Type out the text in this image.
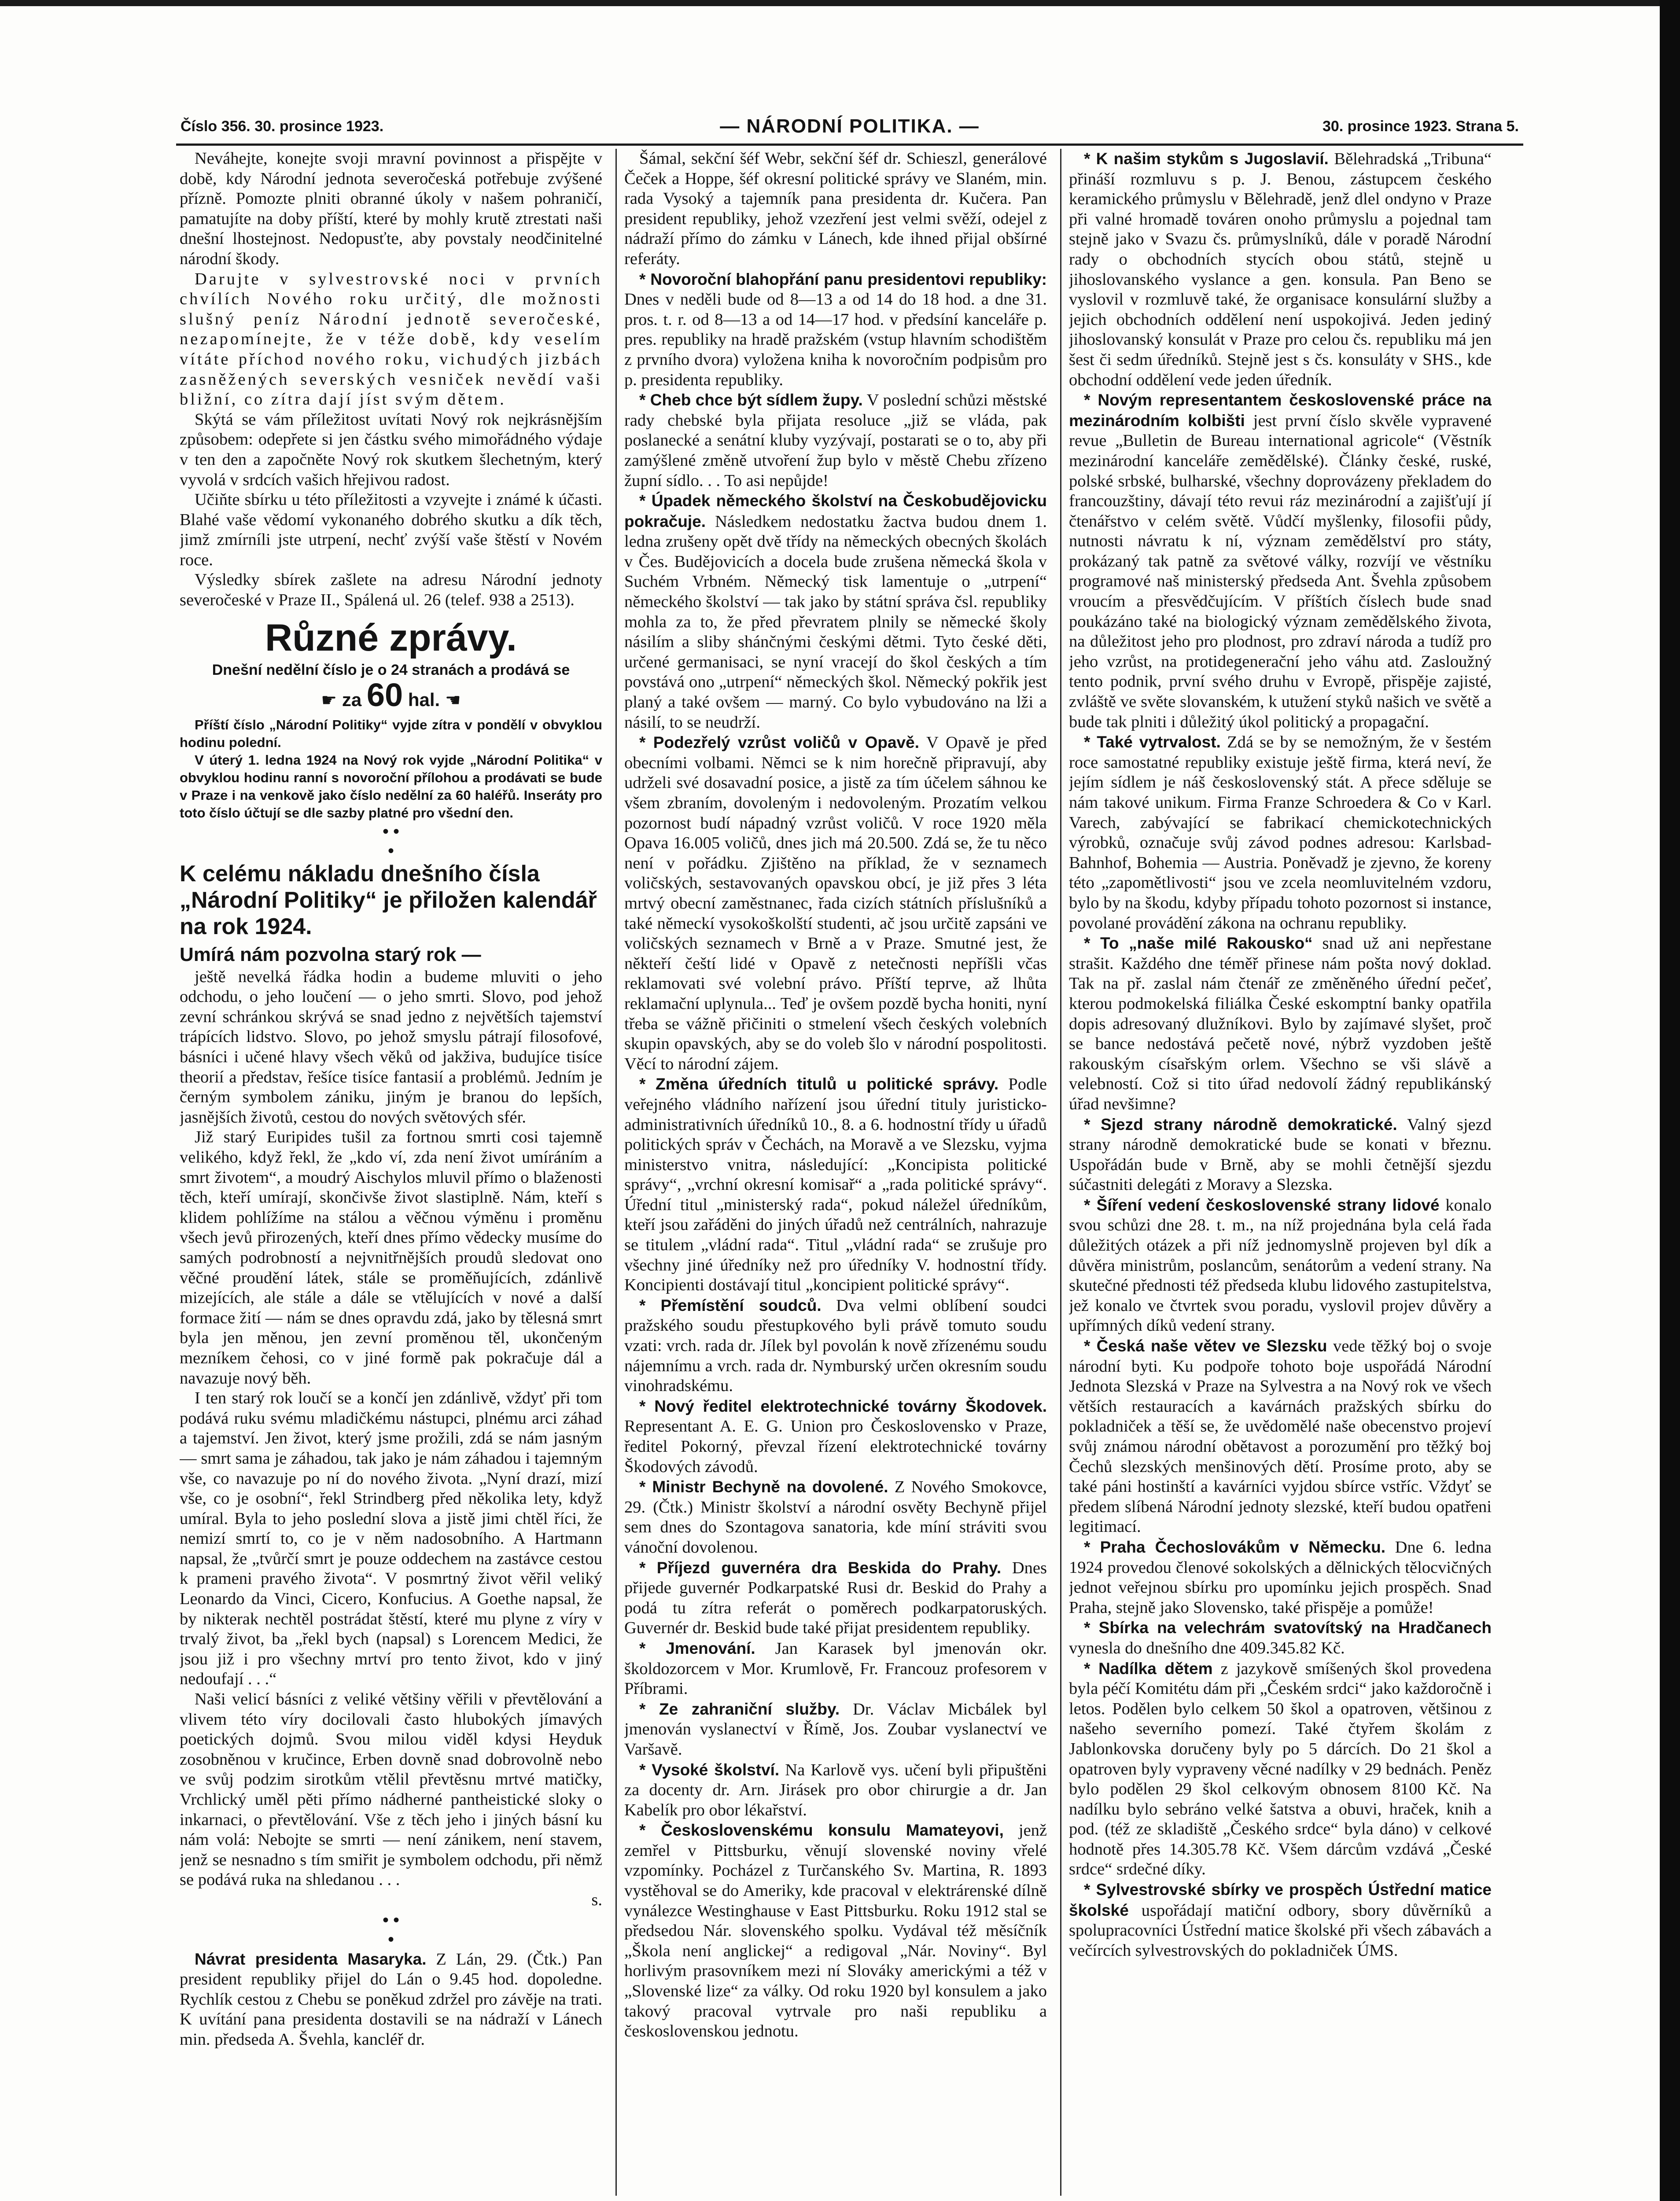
Číslo 356. 30. prosince 1923.	— NÁRODNÍ POLITIKA. —	30. prosince 1923. Strana 5.

Neváhejte, konejte svoji mravní povinnost a přispějte v době, kdy Národní jednota severočeská potřebuje zvýšené přízně. Pomozte plniti obranné úkoly v našem pohraničí, pamatujíte na doby příští, které by mohly krutě ztrestati naši dnešní lhostejnost. Nedopusťte, aby povstaly neodčinitelné národní škody.

Darujte v sylvestrovské noci v prvních chvílích Nového roku určitý, dle možnosti slušný peníz Národní jednotě severočeské, nezapomínejte, že v téže době, kdy veselím vítáte příchod nového roku, vichudých jizbách zasněžených severských vesniček nevědí vaši bližní, co zítra dají jíst svým dětem.

Skýtá se vám příležitost uvítati Nový rok nejkrásnějším způsobem: odepřete si jen částku svého mimořádného výdaje v ten den a započněte Nový rok skutkem šlechetným, který vyvolá v srdcích vašich hřejivou radost.

Učiňte sbírku u této příležitosti a vzyvejte i známé k účasti. Blahé vaše vědomí vykonaného dobrého skutku a dík těch, jimž zmírníli jste utrpení, nechť zvýší vaše štěstí v Novém roce.

Výsledky sbírek zašlete na adresu Národní jednoty severočeské v Praze II., Spálená ul. 26 (telef. 938 a 2513).

Různé zprávy.

Dnešní nedělní číslo je o 24 stranách a prodává se

☛ za 60 hal. ☚

Příští číslo „Národní Politiky“ vyjde zítra v pondělí v obvyklou hodinu polední.

V úterý 1. ledna 1924 na Nový rok vyjde „Národní Politika“ v obvyklou hodinu ranní s novoroční přílohou a prodávati se bude v Praze i na venkově jako číslo nedělní za 60 haléřů. Inseráty pro toto číslo účtují se dle sazby platné pro všední den.

• •
•

K celému nákladu dnešního čísla „Národní Politiky“ je přiložen kalendář na rok 1924.

Umírá nám pozvolna starý rok —

ještě nevelká řádka hodin a budeme mluviti o jeho odchodu, o jeho loučení — o jeho smrti. Slovo, pod jehož zevní schránkou skrývá se snad jedno z největších tajemství trápících lidstvo. Slovo, po jehož smyslu pátrají filosofové, básníci i učené hlavy všech věků od jakživa, budujíce tisíce theorií a představ, řešíce tisíce fantasií a problémů. Jedním je černým symbolem zániku, jiným je branou do lepších, jasnějších životů, cestou do nových světových sfér.

Již starý Euripides tušil za fortnou smrti cosi tajemně velikého, když řekl, že „kdo ví, zda není život umíráním a smrt životem“, a moudrý Aischylos mluvil přímo o blaženosti těch, kteří umírají, skončivše život slastiplně. Nám, kteří s klidem pohlížíme na stálou a věčnou výměnu i proměnu všech jevů přirozených, kteří dnes přímo vědecky musíme do samých podrobností a nejvnitřnějších proudů sledovat ono věčné proudění látek, stále se proměňujících, zdánlivě mizejících, ale stále a dále se vtělujících v nové a další formace žití — nám se dnes opravdu zdá, jako by tělesná smrt byla jen měnou, jen zevní proměnou těl, ukončeným mezníkem čehosi, co v jiné formě pak pokračuje dál a navazuje nový běh.

I ten starý rok loučí se a končí jen zdánlivě, vždyť při tom podává ruku svému mladičkému nástupci, plnému arci záhad a tajemství. Jen život, který jsme prožili, zdá se nám jasným — smrt sama je záhadou, tak jako je nám záhadou i tajemným vše, co navazuje po ní do nového života. „Nyní drazí, mizí vše, co je osobní“, řekl Strindberg před několika lety, když umíral. Byla to jeho poslední slova a jistě jimi chtěl říci, že nemizí smrtí to, co je v něm nadosobního. A Hartmann napsal, že „tvůrčí smrt je pouze oddechem na zastávce cestou k prameni pravého života“. V posmrtný život věřil veliký Leonardo da Vinci, Cicero, Konfucius. A Goethe napsal, že by nikterak nechtěl postrádat štěstí, které mu plyne z víry v trvalý život, ba „řekl bych (napsal) s Lorencem Medici, že jsou již i pro všechny mrtví pro tento život, kdo v jiný nedoufají . . .“

Naši velicí básníci z veliké většiny věřili v převtělování a vlivem této víry docilovali často hlubokých jímavých poetických dojmů. Svou milou viděl kdysi Heyduk zosobněnou v kručince, Erben dovně snad dobrovolně nebo ve svůj podzim sirotkům vtělil převtěsnu mrtvé matičky, Vrchlický uměl pěti přímo nádherné pantheistické sloky o inkarnaci, o převtělování. Vše z těch jeho i jiných básní ku nám volá: Nebojte se smrti — není zánikem, není stavem, jenž se nesnadno s tím smiřit je symbolem odchodu, při němž se podává ruka na shledanou . . .

s.

• •
•

Návrat presidenta Masaryka. Z Lán, 29. (Čtk.) Pan president republiky přijel do Lán o 9.45 hod. dopoledne. Rychlík cestou z Chebu se poněkud zdržel pro závěje na trati. K uvítání pana presidenta dostavili se na nádraží v Lánech min. předseda A. Švehla, kancléř dr.

Šámal, sekční šéf Webr, sekční šéf dr. Schieszl, generálové Čeček a Hoppe, šéf okresní politické správy ve Slaném, min. rada Vysoký a tajemník pana presidenta dr. Kučera. Pan president republiky, jehož vzezření jest velmi svěží, odejel z nádraží přímo do zámku v Lánech, kde ihned přijal obšírné referáty.

* Novoroční blahopřání panu presidentovi republiky: Dnes v neděli bude od 8—13 a od 14 do 18 hod. a dne 31. pros. t. r. od 8—13 a od 14—17 hod. v předsíní kanceláře p. pres. republiky na hradě pražském (vstup hlavním schodištěm z prvního dvora) vyložena kniha k novoročním podpisům pro p. presidenta republiky.

* Cheb chce být sídlem župy. V poslední schůzi městské rady chebské byla přijata resoluce „již se vláda, pak poslanecké a senátní kluby vyzývají, postarati se o to, aby při zamýšlené změně utvoření žup bylo v městě Chebu zřízeno župní sídlo. . . To asi nepůjde!

* Úpadek německého školství na Českobudějovicku pokračuje. Následkem nedostatku žactva budou dnem 1. ledna zrušeny opět dvě třídy na německých obecných školách v Čes. Budějovicích a docela bude zrušena německá škola v Suchém Vrbném. Německý tisk lamentuje o „utrpení“ německého školství — tak jako by státní správa čsl. republiky mohla za to, že před převratem plnily se německé školy násilím a sliby shánčnými českými dětmi. Tyto české děti, určené germanisaci, se nyní vracejí do škol českých a tím povstává ono „utrpení“ německých škol. Německý pokřik jest planý a také ovšem — marný. Co bylo vybudováno na lži a násilí, to se neudrží.

* Podezřelý vzrůst voličů v Opavě. V Opavě je před obecními volbami. Němci se k nim horečně připravují, aby udrželi své dosavadní posice, a jistě za tím účelem sáhnou ke všem zbraním, dovoleným i nedovoleným. Prozatím velkou pozornost budí nápadný vzrůst voličů. V roce 1920 měla Opava 16.005 voličů, dnes jich má 20.500. Zdá se, že tu něco není v pořádku. Zjištěno na příklad, že v seznamech voličských, sestavovaných opavskou obcí, je již přes 3 léta mrtvý obecní zaměstnanec, řada cizích státních příslušníků a také německí vysokoškolští studenti, ač jsou určitě zapsáni ve voličských seznamech v Brně a v Praze. Smutné jest, že někteří čeští lidé v Opavě z netečnosti nepříšli včas reklamovati své volební právo. Příští teprve, až lhůta reklamační uplynula... Teď je ovšem pozdě bycha honiti, nyní třeba se vážně přičiniti o stmelení všech českých volebních skupin opavských, aby se do voleb šlo v národní pospolitosti. Věcí to národní zájem.

* Změna úředních titulů u politické správy. Podle veřejného vládního nařízení jsou úřední tituly juristicko-administrativních úředníků 10., 8. a 6. hodnostní třídy u úřadů politických správ v Čechách, na Moravě a ve Slezsku, vyjma ministerstvo vnitra, následující: „Koncipista politické správy“, „vrchní okresní komisař“ a „rada politické správy“. Úřední titul „ministerský rada“, pokud náležel úředníkům, kteří jsou zařáděni do jiných úřadů než centrálních, nahrazuje se titulem „vládní rada“. Titul „vládní rada“ se zrušuje pro všechny jiné úředníky než pro úředníky V. hodnostní třídy. Koncipienti dostávají titul „koncipient politické správy“.

* Přemístění soudců. Dva velmi oblíbení soudci pražského soudu přestupkového byli právě tomuto soudu vzati: vrch. rada dr. Jílek byl povolán k nově zřízenému soudu nájemnímu a vrch. rada dr. Nymburský určen okresním soudu vinohradskému.

* Nový ředitel elektrotechnické továrny Škodovek. Representant A. E. G. Union pro Československo v Praze, ředitel Pokorný, převzal řízení elektrotechnické továrny Škodových závodů.

* Ministr Bechyně na dovolené. Z Nového Smokovce, 29. (Čtk.) Ministr školství a národní osvěty Bechyně přijel sem dnes do Szontagova sanatoria, kde míní stráviti svou vánoční dovolenou.

* Příjezd guvernéra dra Beskida do Prahy. Dnes přijede guvernér Podkarpatské Rusi dr. Beskid do Prahy a podá tu zítra referát o poměrech podkarpatoruských. Guvernér dr. Beskid bude také přijat presidentem republiky.

* Jmenování. Jan Karasek byl jmenován okr. školdozorcem v Mor. Krumlově, Fr. Francouz profesorem v Příbrami.

* Ze zahraniční služby. Dr. Václav Micbálek byl jmenován vyslanectví v Římě, Jos. Zoubar vyslanectví ve Varšavě.

* Vysoké školství. Na Karlově vys. učení byli připuštěni za docenty dr. Arn. Jirásek pro obor chirurgie a dr. Jan Kabelík pro obor lékařství.

* Československému konsulu Mamateyovi, jenž zemřel v Pittsburku, věnují slovenské noviny vřelé vzpomínky. Pocházel z Turčanského Sv. Martina, R. 1893 vystěhoval se do Ameriky, kde pracoval v elektrárenské dílně vynálezce Westinghause v East Pittsburku. Roku 1912 stal se předsedou Nár. slovenského spolku. Vydával též měsíčník „Škola není anglickej“ a redigoval „Nár. Noviny“. Byl horlivým prasovníkem mezi ní Slováky americkými a též v „Slovenské lize“ za války. Od roku 1920 byl konsulem a jako takový pracoval vytrvale pro naši republiku a československou jednotu.

* K našim stykům s Jugoslavií. Bělehradská „Tribuna“ přináší rozmluvu s p. J. Benou, zástupcem českého keramického průmyslu v Bělehradě, jenž dlel ondyno v Praze při valné hromadě továren onoho průmyslu a pojednal tam stejně jako v Svazu čs. průmyslníků, dále v poradě Národní rady o obchodních stycích obou států, stejně u jihoslovanského vyslance a gen. konsula. Pan Beno se vyslovil v rozmluvě také, že organisace konsulární služby a jejich obchodních oddělení není uspokojivá. Jeden jediný jihoslovanský konsulát v Praze pro celou čs. republiku má jen šest či sedm úředníků. Stejně jest s čs. konsuláty v SHS., kde obchodní oddělení vede jeden úředník.

* Novým representantem československé práce na mezinárodním kolbišti jest první číslo skvěle vypravené revue „Bulletin de Bureau international agricole“ (Věstník mezinárodní kanceláře zemědělské). Články české, ruské, polské srbské, bulharské, všechny doprovázeny překladem do francouzštiny, dávají této revui ráz mezinárodní a zajišťují jí čtenářstvo v celém světě. Vůdčí myšlenky, filosofii půdy, nutnosti návratu k ní, význam zemědělství pro státy, prokázaný tak patně za světové války, rozvíjí ve věstníku programové naš ministerský předseda Ant. Švehla způsobem vroucím a přesvědčujícím. V příštích číslech bude snad poukázáno také na biologický význam zemědělského života, na důležitost jeho pro plodnost, pro zdraví národa a tudíž pro jeho vzrůst, na protidegenerační jeho váhu atd. Zasloužný tento podnik, první svého druhu v Evropě, přispěje zajisté, zvláště ve světe slovanském, k utužení styků našich ve světě a bude tak plniti i důležitý úkol politický a propagační.

* Také vytrvalost. Zdá se by se nemožným, že v šestém roce samostatné republiky existuje ještě firma, která neví, že jejím sídlem je náš československý stát. A přece sděluje se nám takové unikum. Firma Franze Schroedera & Co v Karl. Varech, zabývající se fabrikací chemickotechnických výrobků, označuje svůj závod podnes adresou: Karlsbad-Bahnhof, Bohemia — Austria. Poněvadž je zjevno, že koreny této „zapomětlivosti“ jsou ve zcela neomluvitelném vzdoru, bylo by na škodu, kdyby případu tohoto pozornost si instance, povolané provádění zákona na ochranu republiky.

* To „naše milé Rakousko“ snad už ani nepřestane strašit. Každého dne téměř přinese nám pošta nový doklad. Tak na př. zaslal nám čtenář ze změněného úřední pečeť, kterou podmokelská filiálka České eskomptní banky opatřila dopis adresovaný dlužníkovi. Bylo by zajímavé slyšet, proč se bance nedostává pečetě nové, nýbrž vyzdoben ještě rakouským císařským orlem. Všechno se vši slávě a velebností. Což si tito úřad nedovolí žádný republikánský úřad nevšimne?

* Sjezd strany národně demokratické. Valný sjezd strany národně demokratické bude se konati v březnu. Uspořádán bude v Brně, aby se mohli četnější sjezdu súčastniti delegáti z Moravy a Slezska.

* Šíření vedení československé strany lidové konalo svou schůzi dne 28. t. m., na níž projednána byla celá řada důležitých otázek a při níž jednomyslně projeven byl dík a důvěra ministrům, poslancům, senátorům a vedení strany. Na skutečné přednosti též předseda klubu lidového zastupitelstva, jež konalo ve čtvrtek svou poradu, vyslovil projev důvěry a upřímných díků vedení strany.

* Česká naše větev ve Slezsku vede těžký boj o svoje národní byti. Ku podpoře tohoto boje uspořádá Národní Jednota Slezská v Praze na Sylvestra a na Nový rok ve všech větších restauracích a kavárnách pražských sbírku do pokladniček a těší se, že uvědomělé naše obecenstvo projeví svůj známou národní obětavost a porozumění pro těžký boj Čechů slezských menšinových dětí. Prosíme proto, aby se také páni hostinští a kavárníci vyjdou sbírce vstříc. Vždyť se předem slíbená Národní jednoty slezské, kteří budou opatřeni legitimací.

* Praha Čechoslovákům v Německu. Dne 6. ledna 1924 provedou členové sokolských a dělnických tělocvičných jednot veřejnou sbírku pro upomínku jejich prospěch. Snad Praha, stejně jako Slovensko, také přispěje a pomůže!

* Sbírka na velechrám svatovítský na Hradčanech vynesla do dnešního dne 409.345.82 Kč.

* Nadílka dětem z jazykově smíšených škol provedena byla péčí Komitétu dám při „Českém srdci“ jako každoročně i letos. Podělen bylo celkem 50 škol a opatroven, většinou z našeho severního pomezí. Také čtyřem školám z Jablonkovska doručeny byly po 5 dárcích. Do 21 škol a opatroven byly vypraveny věcné nadílky v 29 bednách. Peněz bylo podělen 29 škol celkovým obnosem 8100 Kč. Na nadílku bylo sebráno velké šatstva a obuvi, hraček, knih a pod. (též ze skladiště „Českého srdce“ byla dáno) v celkové hodnotě přes 14.305.78 Kč. Všem dárcům vzdává „České srdce“ srdečné díky.

* Sylvestrovské sbírky ve prospěch Ústřední matice školské uspořádají matiční odbory, sbory důvěrníků a spolupracovníci Ústřední matice školské při všech zábavách a večírcích sylvestrovských do pokladniček ÚMS.
